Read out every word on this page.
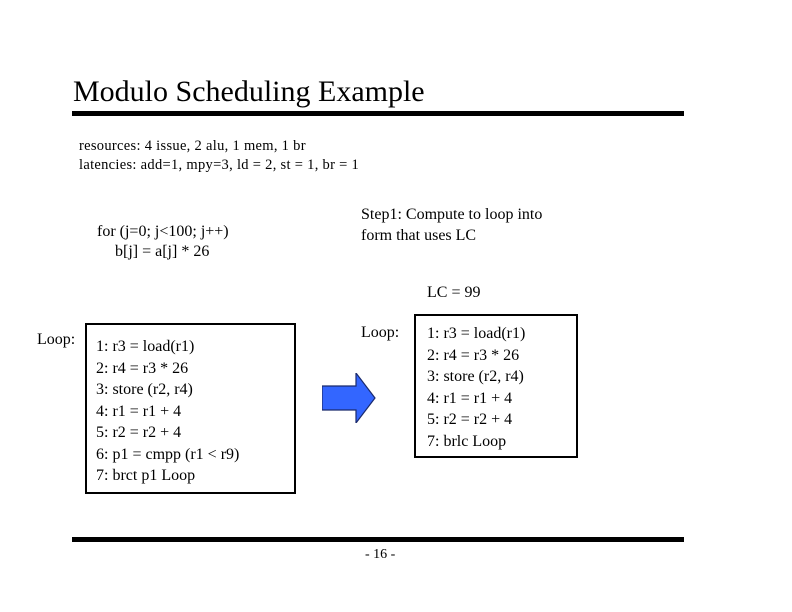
Modulo Scheduling Example
resources: 4 issue, 2 alu, 1 mem, 1 br
latencies: add=1, mpy=3, ld = 2, st = 1, br = 1
for (j=0; j<100; j++)
b[j] = a[j] * 26
Step1: Compute to loop into
form that uses LC
LC = 99
Loop: 1: r3 = load(r1)
2: r4 = r3 * 26
3: store (r2, r4)
4: r1 = r1 + 4
5: r2 = r2 + 4
6: p1 = cmpp (r1 < r9)
7: brct p1 Loop
Loop: 1: r3 = load(r1)
2: r4 = r3 * 26
3: store (r2, r4)
4: r1 = r1 + 4
5: r2 = r2 + 4
7: brlc Loop
- 16 -
